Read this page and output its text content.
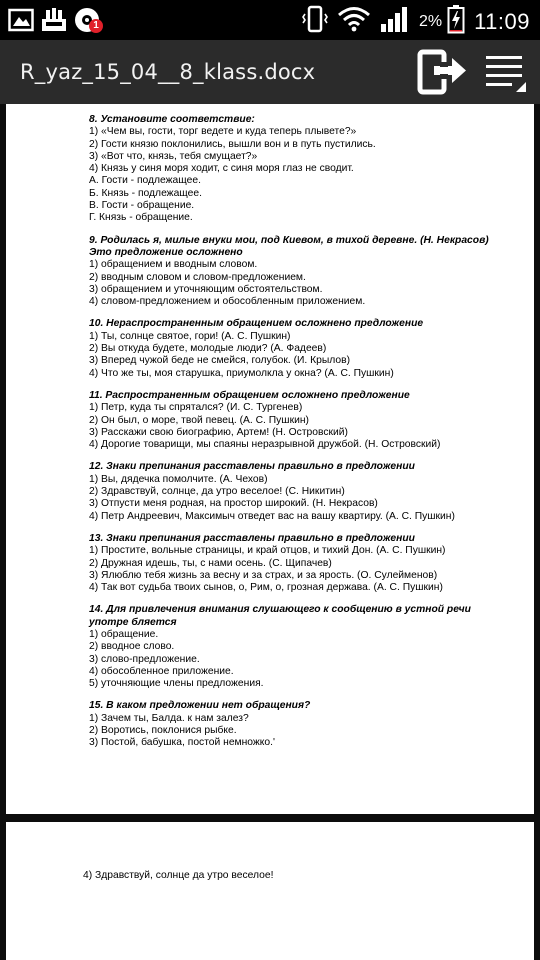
1	2% 11:09
R_yaz_15_04__8_klass.docx
8. Установите соответствие:
1) «Чем вы, гости, торг ведете и куда теперь плывете?»
2) Гости князю поклонились, вышли вон и в путь пустились.
3) «Вот что, князь, тебя смущает?»
4) Князь у синя моря ходит, с синя моря глаз не сводит.
А. Гости - подлежащее.
Б. Князь - подлежащее.
В. Гости - обращение.
Г. Князь - обращение.
9. Родилась я, милые внуки мои, под Киевом, в тихой деревне. (Н. Некрасов) Это предложение осложнено
1) обращением и вводным словом.
2) вводным словом и словом-предложением.
3) обращением и уточняющим обстоятельством.
4) словом-предложением и обособленным приложением.
10. Нераспространенным обращением осложнено предложение
1) Ты, солнце святое, гори! (А. С. Пушкин)
2) Вы откуда будете, молодые люди? (А. Фадеев)
3) Вперед чужой беде не смейся, голубок. (И. Крылов)
4) Что же ты, моя старушка, приумолкла у окна? (А. С. Пушкин)
11. Распространенным обращением осложнено предложение
1) Петр, куда ты спрятался? (И. С. Тургенев)
2) Он был, о море, твой певец. (А. С. Пушкин)
3) Расскажи свою биографию, Артем! (Н. Островский)
4) Дорогие товарищи, мы спаяны неразрывной дружбой. (Н. Островский)
12. Знаки препинания расставлены правильно в предложении
1) Вы, дядечка помолчите. (А. Чехов)
2) Здравствуй, солнце, да утро веселое! (С. Никитин)
3) Отпусти меня родная, на простор широкий. (Н. Некрасов)
4) Петр Андреевич, Максимыч отведет вас на вашу квартиру. (А. С. Пушкин)
13. Знаки препинания расставлены правильно в предложении
1) Простите, вольные страницы, и край отцов, и тихий Дон. (А. С. Пушкин)
2) Дружная идешь, ты, с нами осень. (С. Щипачев)
3) Ялюблю тебя жизнь за весну и за страх, и за ярость. (О. Сулейменов)
4) Так вот судьба твоих сынов, о, Рим, о, грозная держава. (А. С. Пушкин)
14. Для привлечения внимания слушающего к сообщению в устной речи употре бляется
1) обращение.
2) вводное слово.
3) слово-предложение.
4) обособленное приложение.
5) уточняющие члены предложения.
15. В каком предложении нет обращения?
1) Зачем ты, Балда. к нам залез?
2) Воротись, поклонися рыбке.
3) Постой, бабушка, постой немножко.'
4) Здравствуй, солнце да утро веселое!
